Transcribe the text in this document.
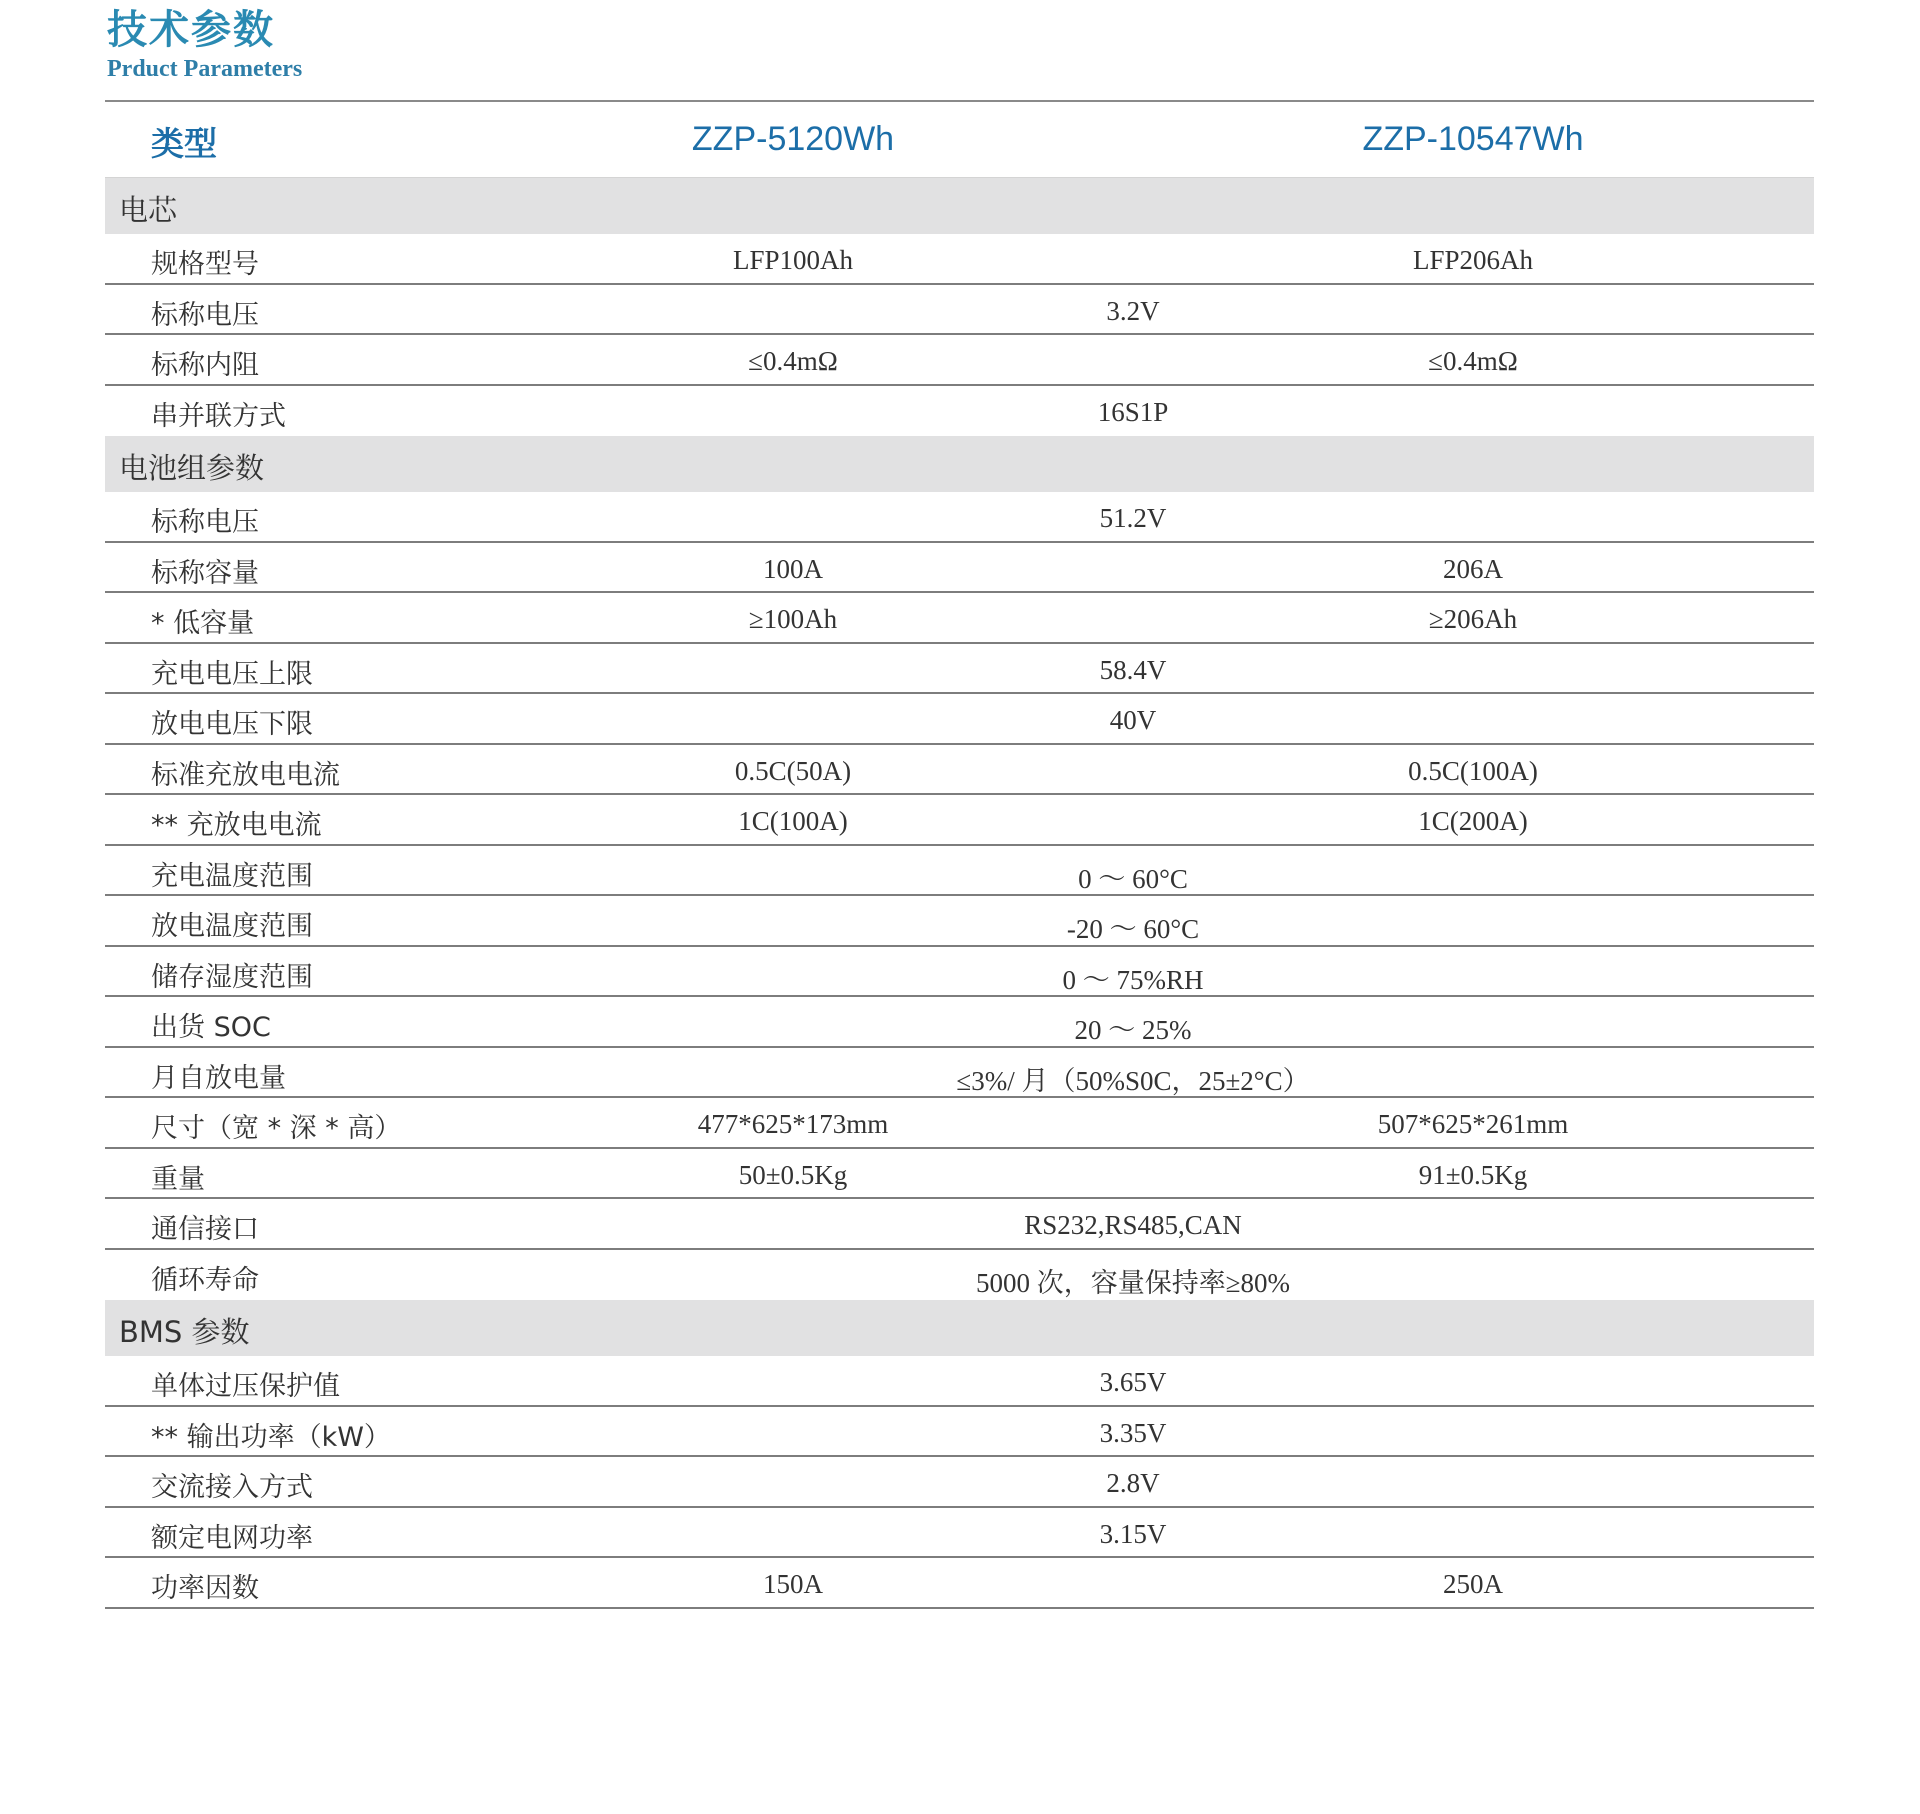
技术参数
Prduct Parameters
类型	ZZP-5120Wh	ZZP-10547Wh
电芯
规格型号	LFP100Ah	LFP206Ah
标称电压	3.2V
标称内阻	≤0.4mΩ	≤0.4mΩ
串并联方式	16S1P
电池组参数
标称电压	51.2V
标称容量	100A	206A
* 低容量	≥100Ah	≥206Ah
充电电压上限	58.4V
放电电压下限	40V
标准充放电电流	0.5C(50A)	0.5C(100A)
** 充放电电流	1C(100A)	1C(200A)
充电温度范围	0 ～ 60°C
放电温度范围	-20 ～ 60°C
储存湿度范围	0 ～ 75%RH
出货 SOC	20 ～ 25%
月自放电量	≤3%/ 月（50%S0C，25±2°C）
尺寸（宽 * 深 * 高）	477*625*173mm	507*625*261mm
重量	50±0.5Kg	91±0.5Kg
通信接口	RS232,RS485,CAN
循环寿命	5000 次，容量保持率≥80%
BMS 参数
单体过压保护值	3.65V
** 输出功率（kW）	3.35V
交流接入方式	2.8V
额定电网功率	3.15V
功率因数	150A	250A
